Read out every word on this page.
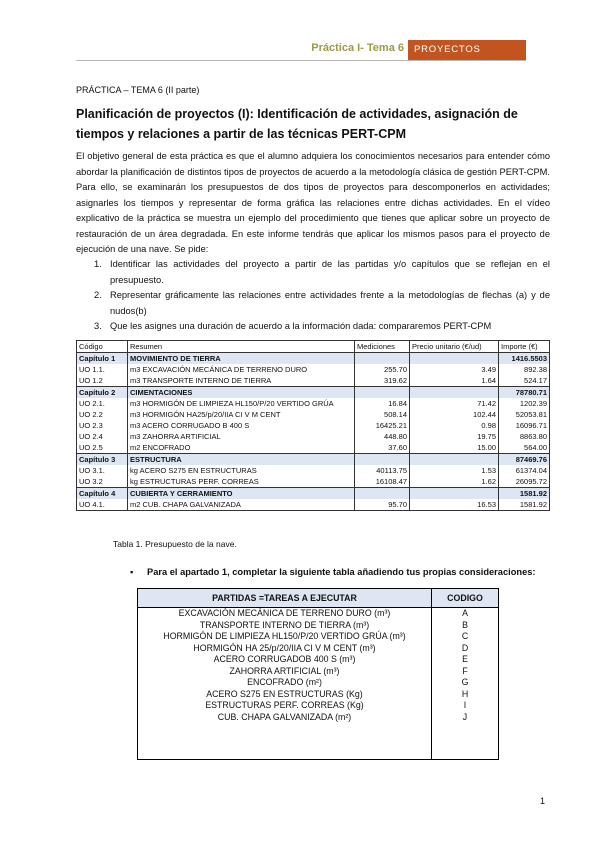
Práctica I- Tema 6	PROYECTOS
PRÁCTICA – TEMA 6 (II parte)
Planificación de proyectos (I): Identificación de actividades, asignación de tiempos y relaciones a partir de las técnicas PERT-CPM
El objetivo general de esta práctica es que el alumno adquiera los conocimientos necesarios para entender cómo abordar la planificación de distintos tipos de proyectos de acuerdo a la metodología clásica de gestión PERT-CPM. Para ello, se examinarán los presupuestos de dos tipos de proyectos para descomponerlos en actividades; asignarles los tiempos y representar de forma gráfica las relaciones entre dichas actividades. En el vídeo explicativo de la práctica se muestra un ejemplo del procedimiento que tienes que aplicar sobre un proyecto de restauración de un área degradada. En este informe tendrás que aplicar los mismos pasos para el proyecto de ejecución de una nave. Se pide:
1. Identificar las actividades del proyecto a partir de las partidas y/o capítulos que se reflejan en el presupuesto.
2. Representar gráficamente las relaciones entre actividades frente a la metodologías de flechas (a) y de nudos(b)
3. Que les asignes una duración de acuerdo a la información dada: compararemos PERT-CPM
Código	Resumen	Mediciones	Precio unitario (€/ud)	Importe (€)
Capítulo 1	MOVIMIENTO DE TIERRA			1416.5503
UO 1.1.	m3 EXCAVACIÓN MECÁNICA DE TERRENO DURO	255.70	3.49	892.38
UO 1.2	m3 TRANSPORTE INTERNO DE TIERRA	319.62	1.64	524.17
Capítulo 2	CIMENTACIONES			78780.71
UO 2.1.	m3 HORMIGÓN DE LIMPIEZA HL150/P/20 VERTIDO GRÚA	16.84	71.42	1202.39
UO 2.2	m3 HORMIGÓN HA25/p/20/IIA CI V M CENT	508.14	102.44	52053.81
UO 2.3	m3 ACERO CORRUGADO B 400 S	16425.21	0.98	16096.71
UO 2.4	m3 ZAHORRA ARTIFICIAL	448.80	19.75	8863.80
UO 2.5	m2 ENCOFRADO	37.60	15.00	564.00
Capítulo 3	ESTRUCTURA			87469.76
UO 3.1.	kg ACERO S275 EN ESTRUCTURAS	40113.75	1.53	61374.04
UO 3.2	kg ESTRUCTURAS PERF. CORREAS	16108.47	1.62	26095.72
Capítulo 4	CUBIERTA Y CERRAMIENTO			1581.92
UO 4.1.	m2 CUB. CHAPA GALVANIZADA	95.70	16.53	1581.92
Tabla 1. Presupuesto de la nave.
▪ Para el apartado 1, completar la siguiente tabla añadiendo tus propias consideraciones:
PARTIDAS =TAREAS A EJECUTAR	CODIGO
EXCAVACIÓN MECÁNICA DE TERRENO DURO (m³)	A
TRANSPORTE INTERNO DE TIERRA (m³)	B
HORMIGÓN DE LIMPIEZA HL150/P/20 VERTIDO GRÚA (m³)	C
HORMIGÓN HA 25/p/20/IIA CI V M CENT (m³)	D
ACERO CORRUGADOB 400 S (m³)	E
ZAHORRA ARTIFICIAL (m³)	F
ENCOFRADO (m²)	G
ACERO S275 EN ESTRUCTURAS (Kg)	H
ESTRUCTURAS PERF. CORREAS (Kg)	I
CUB. CHAPA GALVANIZADA (m²)	J

1
